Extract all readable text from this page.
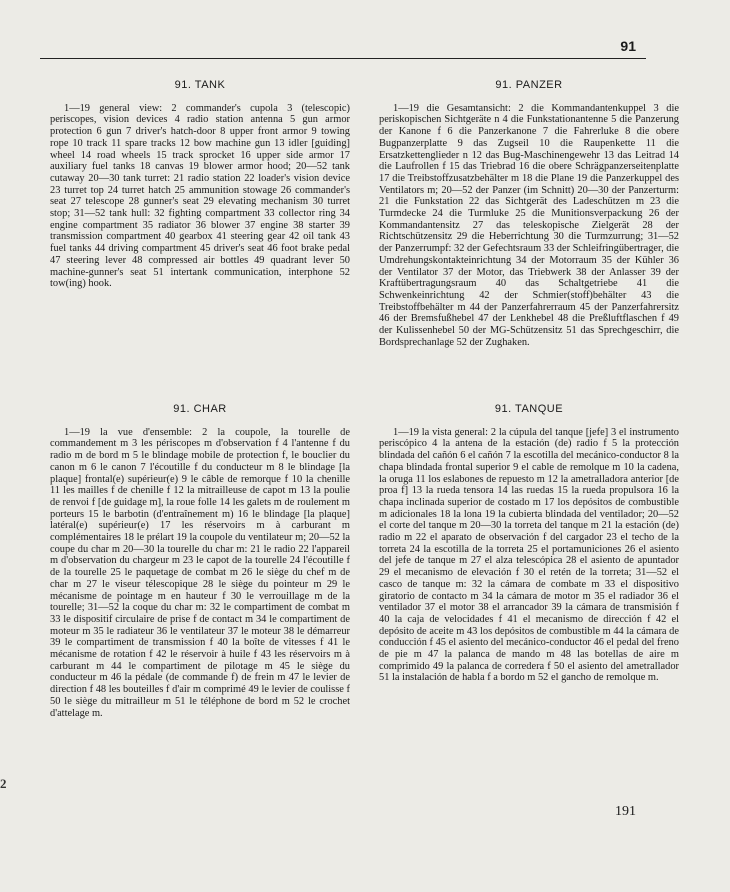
91
91. TANK

1—19 general view: 2 commander's cupola 3 (telescopic) periscopes, vision devices 4 radio station antenna 5 gun armor protection 6 gun 7 driver's hatch-door 8 upper front armor 9 towing rope 10 track 11 spare tracks 12 bow machine gun 13 idler [guiding] wheel 14 road wheels 15 track sprocket 16 upper side armor 17 auxiliary fuel tanks 18 canvas 19 blower armor hood; 20—52 tank cutaway 20—30 tank turret: 21 radio station 22 loader's vision device 23 turret top 24 turret hatch 25 ammunition stowage 26 commander's seat 27 telescope 28 gunner's seat 29 elevating mechanism 30 turret stop; 31—52 tank hull: 32 fighting compartment 33 collector ring 34 engine compartment 35 radiator 36 blower 37 engine 38 starter 39 transmission compartment 40 gearbox 41 steering gear 42 oil tank 43 fuel tanks 44 driving compartment 45 driver's seat 46 foot brake pedal 47 steering lever 48 compressed air bottles 49 quadrant lever 50 machine-gunner's seat 51 intertank communication, interphone 52 tow(ing) hook.

91. PANZER

1—19 die Gesamtansicht: 2 die Kommandantenkuppel 3 die periskopischen Sichtgeräte n 4 die Funkstationantenne 5 die Panzerung der Kanone f 6 die Panzerkanone 7 die Fahrerluke 8 die obere Bugpanzerplatte 9 das Zugseil 10 die Raupenkette 11 die Ersatzkettenglieder n 12 das Bug-Maschinengewehr 13 das Leitrad 14 die Laufrollen f 15 das Triebrad 16 die obere Schrägpanzerseitenplatte 17 die Treibstoffzusatzbehälter m 18 die Plane 19 die Panzerkuppel des Ventilators m; 20—52 der Panzer (im Schnitt) 20—30 der Panzerturm: 21 die Funkstation 22 das Sichtgerät des Ladeschützen m 23 die Turmdecke 24 die Turmluke 25 die Munitionsverpackung 26 der Kommandantensitz 27 das teleskopische Zielgerät 28 der Richtschützensitz 29 die Heberrichtung 30 die Turmzurrung; 31—52 der Panzerrumpf: 32 der Gefechtsraum 33 der Schleifringübertrager, die Umdrehungskontakteinrichtung 34 der Motorraum 35 der Kühler 36 der Ventilator 37 der Motor, das Triebwerk 38 der Anlasser 39 der Kraftübertragungsraum 40 das Schaltgetriebe 41 die Schwenkeinrichtung 42 der Schmier(stoff)behälter 43 die Treibstoffbehälter m 44 der Panzerfahrerraum 45 der Panzerfahrersitz 46 der Bremsfußhebel 47 der Lenkhebel 48 die Preßluftflaschen f 49 der Kulissenhebel 50 der MG-Schützensitz 51 das Sprechgeschirr, die Bordsprechanlage 52 der Zughaken.

91. CHAR

1—19 la vue d'ensemble: 2 la coupole, la tourelle de commandement m 3 les périscopes m d'observation f 4 l'antenne f du radio m de bord m 5 le blindage mobile de protection f, le bouclier du canon m 6 le canon 7 l'écoutille f du conducteur m 8 le blindage [la plaque] frontal(e) supérieur(e) 9 le câble de remorque f 10 la chenille 11 les mailles f de chenille f 12 la mitrailleuse de capot m 13 la poulie de renvoi f [de guidage m], la roue folle 14 les galets m de roulement m porteurs 15 le barbotin (d'entraînement m) 16 le blindage [la plaque] latéral(e) supérieur(e) 17 les réservoirs m à carburant m complémentaires 18 le prélart 19 la coupole du ventilateur m; 20—52 la coupe du char m 20—30 la tourelle du char m: 21 le radio 22 l'appareil m d'observation du chargeur m 23 le capot de la tourelle 24 l'écoutille f de la tourelle 25 le paquetage de combat m 26 le siège du chef m de char m 27 le viseur télescopique 28 le siège du pointeur m 29 le mécanisme de pointage m en hauteur f 30 le verrouillage m de la tourelle; 31—52 la coque du char m: 32 le compartiment de combat m 33 le dispositif circulaire de prise f de contact m 34 le compartiment de moteur m 35 le radiateur 36 le ventilateur 37 le moteur 38 le démarreur 39 le compartiment de transmission f 40 la boîte de vitesses f 41 le mécanisme de rotation f 42 le réservoir à huile f 43 les réservoirs m à carburant m 44 le compartiment de pilotage m 45 le siège du conducteur m 46 la pédale (de commande f) de frein m 47 le levier de direction f 48 les bouteilles f d'air m comprimé 49 le levier de coulisse f 50 le siège du mitrailleur m 51 le téléphone de bord m 52 le crochet d'attelage m.

91. TANQUE

1—19 la vista general: 2 la cúpula del tanque [jefe] 3 el instrumento periscópico 4 la antena de la estación (de) radio f 5 la protección blindada del cañón 6 el cañón 7 la escotilla del mecánico-conductor 8 la chapa blindada frontal superior 9 el cable de remolque m 10 la cadena, la oruga 11 los eslabones de repuesto m 12 la ametralladora anterior [de proa f] 13 la rueda tensora 14 las ruedas 15 la rueda propulsora 16 la chapa inclinada superior de costado m 17 los depósitos de combustible m adicionales 18 la lona 19 la cubierta blindada del ventilador; 20—52 el corte del tanque m 20—30 la torreta del tanque m 21 la estación (de) radio m 22 el aparato de observación f del cargador 23 el techo de la torreta 24 la escotilla de la torreta 25 el portamuniciones 26 el asiento del jefe de tanque m 27 el alza telescópica 28 el asiento de apuntador 29 el mecanismo de elevación f 30 el retén de la torreta; 31—52 el casco de tanque m: 32 la cámara de combate m 33 el dispositivo giratorio de contacto m 34 la cámara de motor m 35 el radiador 36 el ventilador 37 el motor 38 el arrancador 39 la cámara de transmisión f 40 la caja de velocidades f 41 el mecanismo de dirección f 42 el depósito de aceite m 43 los depósitos de combustible m 44 la cámara de conducción f 45 el asiento del mecánico-conductor 46 el pedal del freno de pie m 47 la palanca de mando m 48 las botellas de aire m comprimido 49 la palanca de corredera f 50 el asiento del ametrallador 51 la instalación de habla f a bordo m 52 el gancho de remolque m.

191
2
